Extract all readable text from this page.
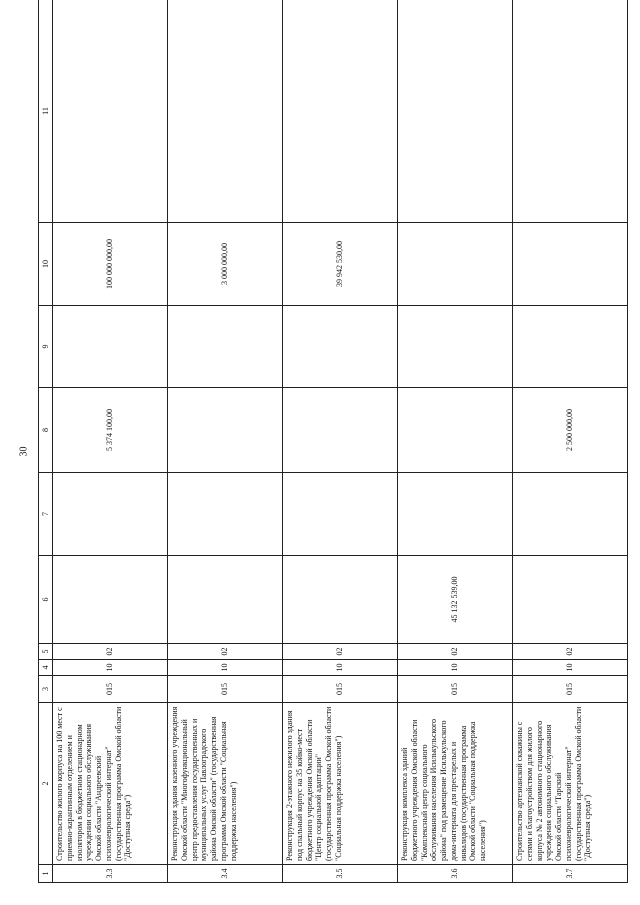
30
1	2	3	4	5	6	7	8	9	10	11
3.3	Строительство жилого корпуса на 100 мест с приемно-карантинным отделением и изолятором в бюджетном стационарном учреждении социального обслуживания Омской области "Андреевский психоневрологический интернат" (государственная программа Омской области "Доступная среда")	015	10	02			5 374 100,00		100 000 000,00	
3.4	Реконструкция здания казенного учреждения Омской области "Многофункциональный центр предоставления государственных и муниципальных услуг Павлоградского района Омской области" (государственная программа Омской области "Социальная поддержка населения")	015	10	02					3 000 000,00	
3.5	Реконструкция 2-этажного нежилого здания под спальный корпус на 35 койко-мест бюджетного учреждения Омской области "Центр социальной адаптации" (государственная программа Омской области "Социальная поддержка населения")	015	10	02					39 942 530,00	
3.6	Реконструкция комплекса зданий бюджетного учреждения Омской области "Комплексный центр социального обслуживания населения Исилькульского района" под размещение Исилькульского дома-интерната для престарелых и инвалидов (государственная программа Омской области "Социальная поддержка населения")	015	10	02	45 132 539,00					
3.7	Строительство артезианской скважины с сетями и благоустройством для жилого корпуса № 2 автономного стационарного учреждения социального обслуживания Омской области "Тарский психоневрологический интернат" (государственная программа Омской области "Доступная среда")	015	10	02			2 500 000,00			
